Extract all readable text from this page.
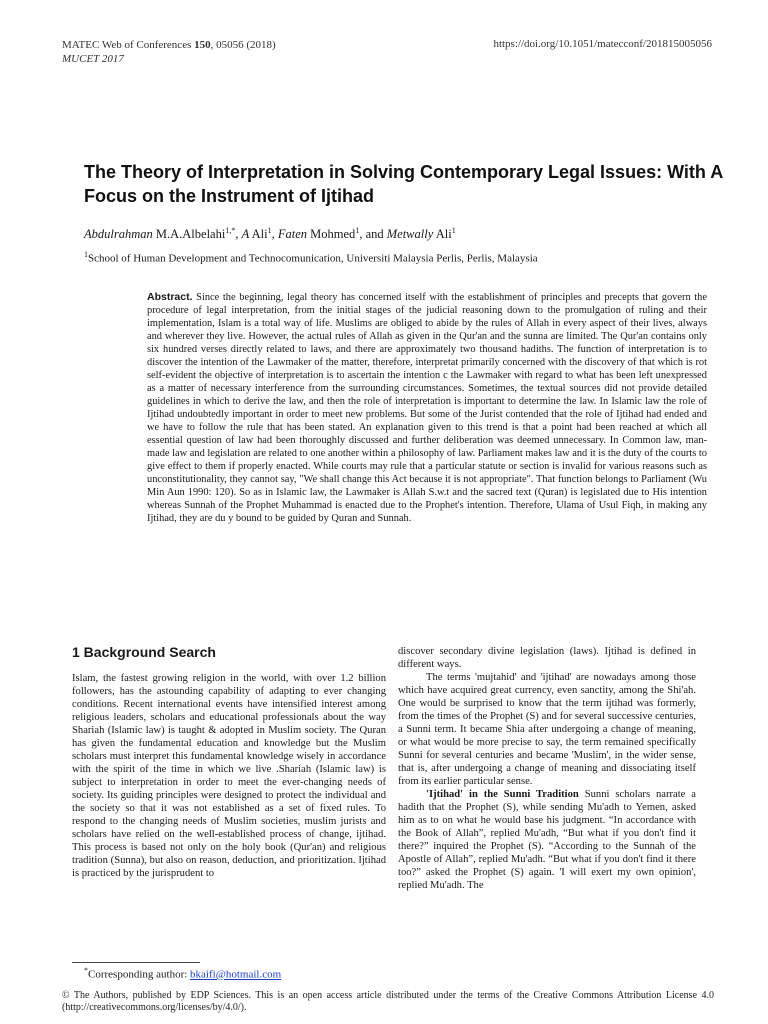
MATEC Web of Conferences 150, 05056 (2018)
MUCET 2017
https://doi.org/10.1051/matecconf/201815005056
The Theory of Interpretation in Solving Contemporary Legal Issues: With A Focus on the Instrument of Ijtihad
Abdulrahman M.A.Albelahi$^{1,*}$, A Ali$^1$, Faten Mohmed$^1$, and Metwally Ali$^1$
$^1$School of Human Development and Technocomunication, Universiti Malaysia Perlis, Perlis, Malaysia
Abstract. Since the beginning, legal theory has concerned itself with the establishment of principles and precepts that govern the procedure of legal interpretation, from the initial stages of the judicial reasoning down to the promulgation of ruling and their implementation, Islam is a total way of life. Muslims are obliged to abide by the rules of Allah in every aspect of their lives, always and wherever they live. However, the actual rules of Allah as given in the Qur'an and the sunna are limited. The Qur'an contains only six hundred verses directly related to laws, and there are approximately two thousand hadiths. The function of interpretation is to discover the intention of the Lawmaker of the matter, therefore, interpretat primarily concerned with the discovery of that which is rot self-evident the objective of interpretation is to ascertain the intention c the Lawmaker with regard to what has been left unexpressed as a matter of necessary interference from the surrounding circumstances. Sometimes, the textual sources did not provide detailed guidelines in which to derive the law, and then the role of interpretation is important to determine the law. In Islamic law the role of Ijtihad undoubtedly important in order to meet new problems. But some of the Jurist contended that the role of Ijtihad had ended and we have to follow the rule that has been stated. An explanation given to this trend is that a point had been reached at which all essential question of law had been thoroughly discussed and further deliberation was deemed unnecessary. In Common law, man-made law and legislation are related to one another within a philosophy of law. Parliament makes law and it is the duty of the courts to give effect to them if properly enacted. While courts may rule that a particular statute or section is invalid for various reasons such as unconstitutionality, they cannot say, "We shall change this Act because it is not appropriate". That function belongs to Parliament (Wu Min Aun 1990: 120). So as in Islamic law, the Lawmaker is Allah S.w.t and the sacred text (Quran) is legislated due to His intention whereas Sunnah of the Prophet Muhammad is enacted due to the Prophet's intention. Therefore, Ulama of Usul Fiqh, in making any Ijtihad, they are du y bound to be guided by Quran and Sunnah.
1 Background Search

Islam, the fastest growing religion in the world, with over 1.2 billion followers, has the astounding capability of adapting to ever changing conditions. Recent international events have intensified interest among religious leaders, scholars and educational professionals about the way Shariah (Islamic law) is taught & adopted in Muslim society. The Quran has given the fundamental education and knowledge but the Muslim scholars must interpret this fundamental knowledge wisely in accordance with the spirit of the time in which we live .Shariah (Islamic law) is subject to interpretation in order to meet the ever-changing needs of society. Its guiding principles were designed to protect the individual and the society so that it was not established as a set of fixed rules. To respond to the changing needs of Muslim societies, muslim jurists and scholars have relied on the well-established process of change, ijtihad. This process is based not only on the holy book (Qur'an) and religious tradition (Sunna), but also on reason, deduction, and prioritization. Ijtihad is practiced by the jurisprudent to

discover secondary divine legislation (laws). Ijtihad is defined in different ways.

The terms 'mujtahid' and 'ijtihad' are nowadays among those which have acquired great currency, even sanctity, among the Shi'ah. One would be surprised to know that the term ijtihad was formerly, from the times of the Prophet (S) and for several successive centuries, a Sunni term. It became Shia after undergoing a change of meaning, or what would be more precise to say, the term remained specifically Sunni for several centuries and became 'Muslim', in the wider sense, that is, after undergoing a change of meaning and dissociating itself from its earlier particular sense.

'Ijtihad' in the Sunni Tradition Sunni scholars narrate a hadith that the Prophet (S), while sending Mu'adh to Yemen, asked him as to on what he would base his judgment. “In accordance with the Book of Allah”, replied Mu'adh, “But what if you don't find it there?” inquired the Prophet (S). “According to the Sunnah of the Apostle of Allah”, replied Mu'adh. “But what if you don't find it there too?” asked the Prophet (S) again. 'I will exert my own opinion', replied Mu'adh. The

*Corresponding author: bkaifi@hotmail.com
© The Authors, published by EDP Sciences. This is an open access article distributed under the terms of the Creative Commons Attribution License 4.0 (http://creativecommons.org/licenses/by/4.0/).
